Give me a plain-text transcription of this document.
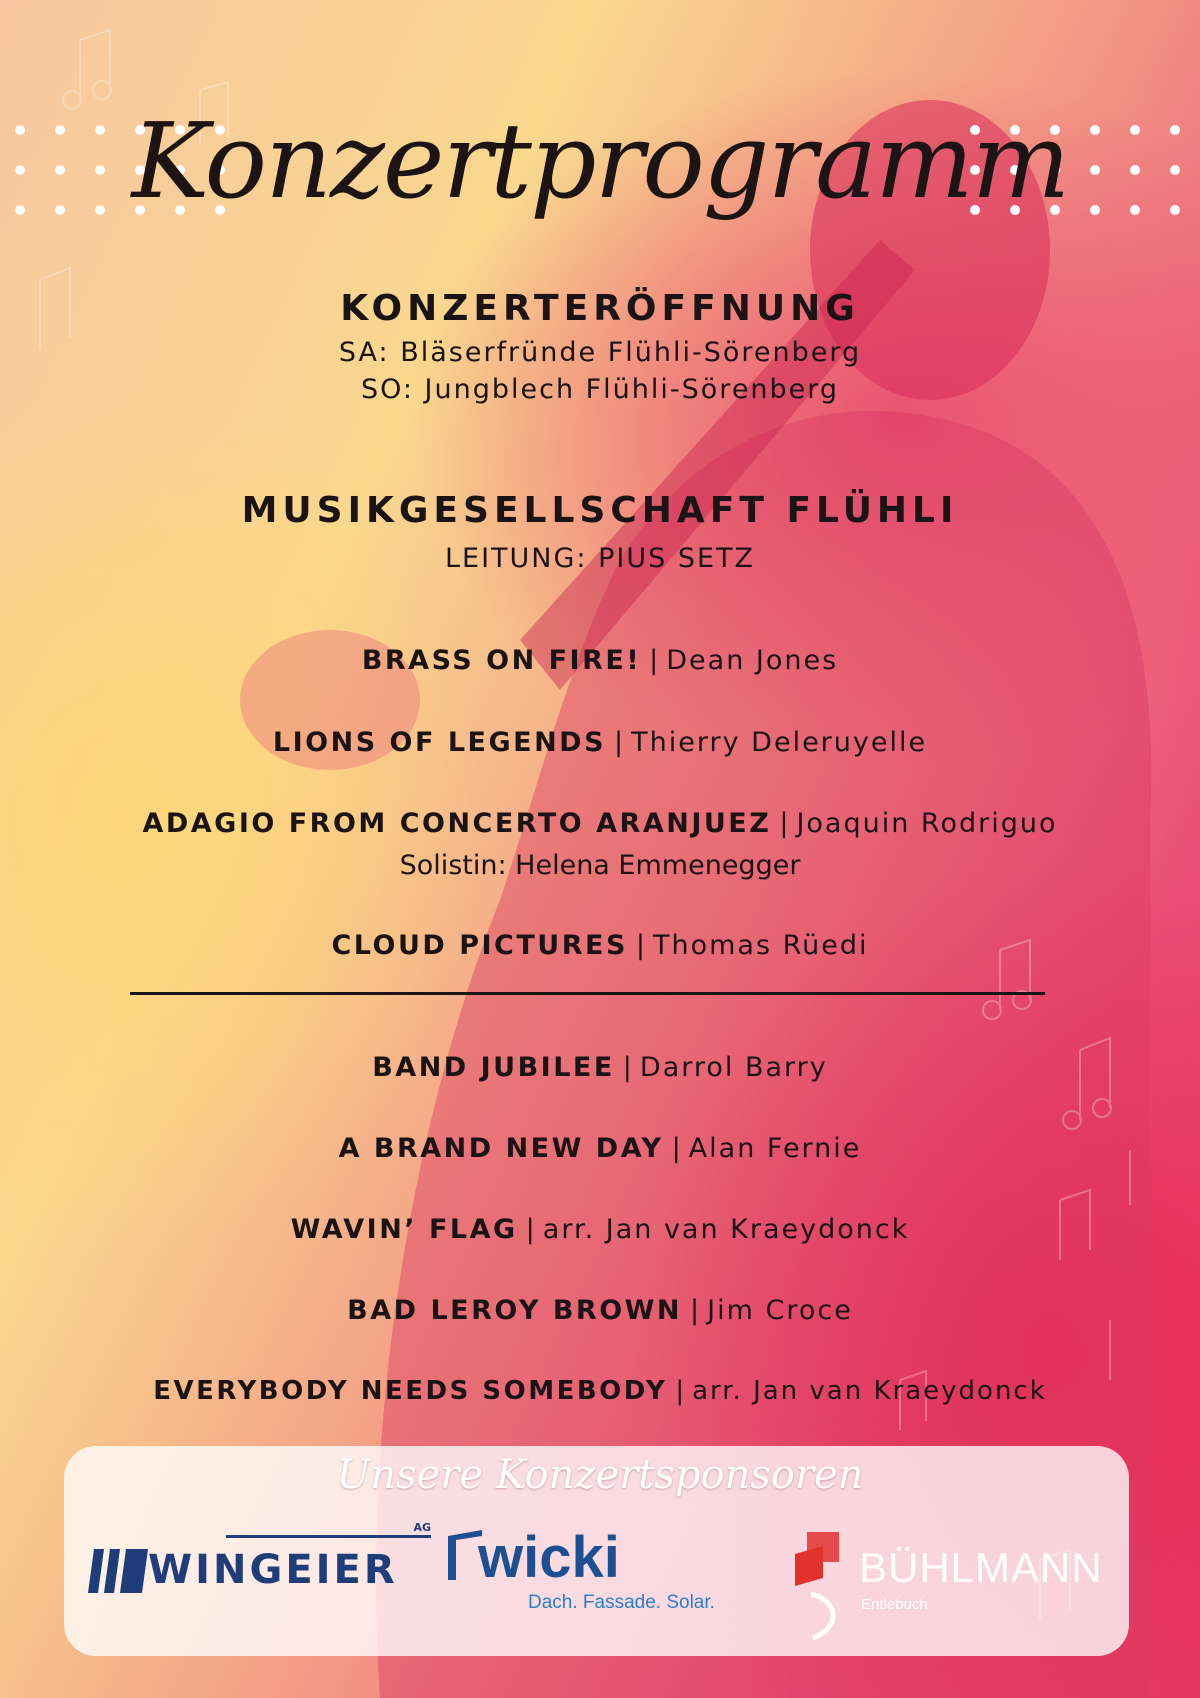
Konzertprogramm
KONZERTERÖFFNUNG
SA: Bläserfründe Flühli-Sörenberg
SO: Jungblech Flühli-Sörenberg
MUSIKGESELLSCHAFT FLÜHLI
LEITUNG: PIUS SETZ
BRASS ON FIRE! | Dean Jones
LIONS OF LEGENDS | Thierry Deleruyelle
ADAGIO FROM CONCERTO ARANJUEZ | Joaquin Rodriguo
Solistin: Helena Emmenegger
CLOUD PICTURES | Thomas Rüedi
BAND JUBILEE | Darrol Barry
A BRAND NEW DAY | Alan Fernie
WAVIN’ FLAG | arr. Jan van Kraeydonck
BAD LEROY BROWN | Jim Croce
EVERYBODY NEEDS SOMEBODY | arr. Jan van Kraeydonck
Unsere Konzertsponsoren
AG
WINGEIER wicki
Dach. Fassade. Solar.
BÜHLMANN
Entlebuch
